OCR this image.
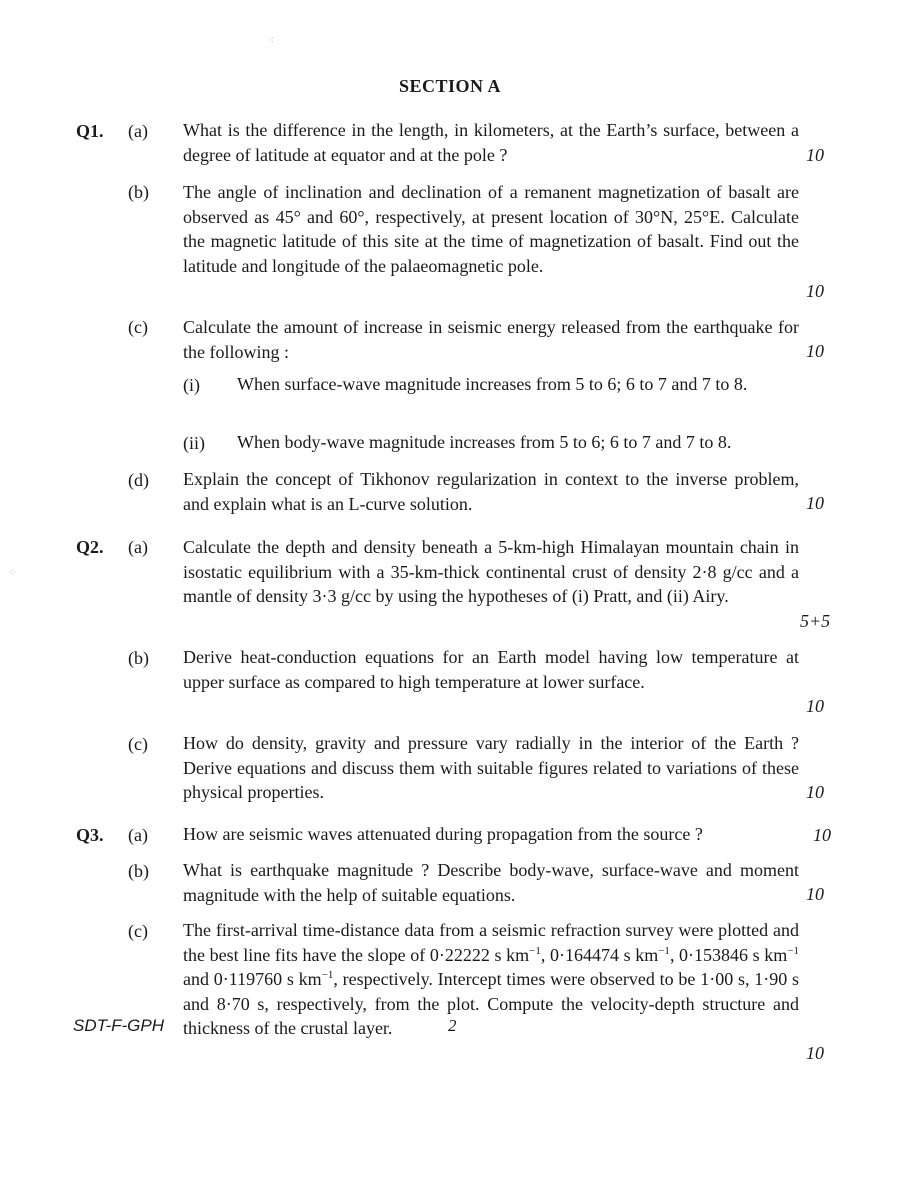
⁖
⁘
SECTION A
Q1. (a) What is the difference in the length, in kilometers, at the Earth’s surface, between a degree of latitude at equator and at the pole ?	10
(b) The angle of inclination and declination of a remanent magnetization of basalt are observed as 45° and 60°, respectively, at present location of 30°N, 25°E. Calculate the magnetic latitude of this site at the time of magnetization of basalt. Find out the latitude and longitude of the palaeomagnetic pole.
10
(c) Calculate the amount of increase in seismic energy released from the earthquake for the following :	10
(i) When surface-wave magnitude increases from 5 to 6; 6 to 7 and 7 to 8.
(ii) When body-wave magnitude increases from 5 to 6; 6 to 7 and 7 to 8.
(d) Explain the concept of Tikhonov regularization in context to the inverse problem, and explain what is an L-curve solution.	10
Q2. (a) Calculate the depth and density beneath a 5-km-high Himalayan mountain chain in isostatic equilibrium with a 35-km-thick continental crust of density 2·8 g/cc and a mantle of density 3·3 g/cc by using the hypotheses of (i) Pratt, and (ii) Airy.
5+5
(b) Derive heat-conduction equations for an Earth model having low temperature at upper surface as compared to high temperature at lower surface.
10
(c) How do density, gravity and pressure vary radially in the interior of the Earth ? Derive equations and discuss them with suitable figures related to variations of these physical properties.	10
Q3. (a) How are seismic waves attenuated during propagation from the source ?	10
(b) What is earthquake magnitude ? Describe body-wave, surface-wave and moment magnitude with the help of suitable equations.	10
(c) The first-arrival time-distance data from a seismic refraction survey were plotted and the best line fits have the slope of 0·22222 s $km^{-1}$, 0·164474 s $km^{-1}$, 0·153846 s $km^{-1}$ and 0·119760 s $km^{-1}$, respectively. Intercept times were observed to be 1·00 s, 1·90 s and 8·70 s, respectively, from the plot. Compute the velocity-depth structure and thickness of the crustal layer.
10
SDT-F-GPH	2
